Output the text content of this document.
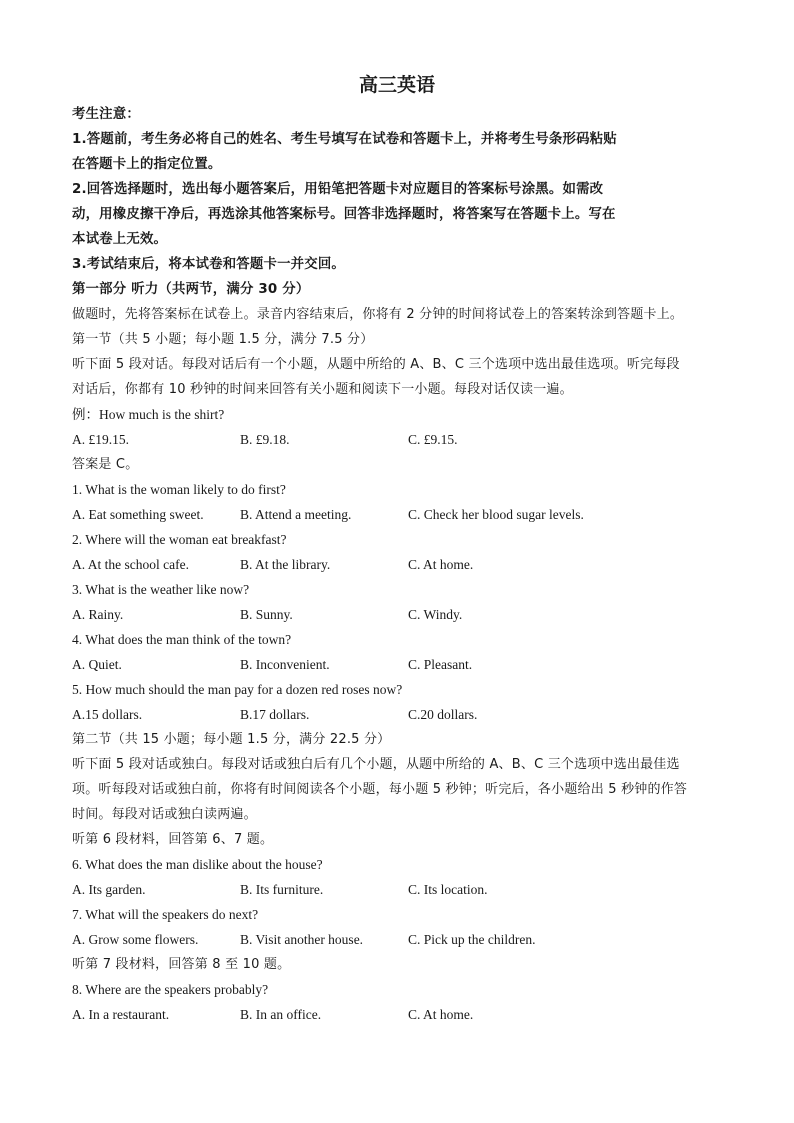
高三英语
考生注意：
1.答题前，考生务必将自己的姓名、考生号填写在试卷和答题卡上，并将考生号条形码粘贴
在答题卡上的指定位置。
2.回答选择题时，选出每小题答案后，用铅笔把答题卡对应题目的答案标号涂黑。如需改
动，用橡皮擦干净后，再选涂其他答案标号。回答非选择题时，将答案写在答题卡上。写在
本试卷上无效。
3.考试结束后，将本试卷和答题卡一并交回。
第一部分 听力（共两节，满分 30 分）
做题时，先将答案标在试卷上。录音内容结束后，你将有 2 分钟的时间将试卷上的答案转涂到答题卡上。
第一节（共 5 小题；每小题 1.5 分，满分 7.5 分）
听下面 5 段对话。每段对话后有一个小题，从题中所给的 A、B、C 三个选项中选出最佳选项。听完每段
对话后，你都有 10 秒钟的时间来回答有关小题和阅读下一小题。每段对话仅读一遍。
例：How much is the shirt?
A. £19.15.	B. £9.18.	C. £9.15.
答案是 C。
1. What is the woman likely to do first?
A. Eat something sweet.	B. Attend a meeting.	C. Check her blood sugar levels.
2. Where will the woman eat breakfast?
A. At the school cafe.	B. At the library.	C. At home.
3. What is the weather like now?
A. Rainy.	B. Sunny.	C. Windy.
4. What does the man think of the town?
A. Quiet.	B. Inconvenient.	C. Pleasant.
5. How much should the man pay for a dozen red roses now?
A.15 dollars.	B.17 dollars.	C.20 dollars.
第二节（共 15 小题；每小题 1.5 分，满分 22.5 分）
听下面 5 段对话或独白。每段对话或独白后有几个小题，从题中所给的 A、B、C 三个选项中选出最佳选
项。听每段对话或独白前，你将有时间阅读各个小题，每小题 5 秒钟；听完后，各小题给出 5 秒钟的作答
时间。每段对话或独白读两遍。
听第 6 段材料，回答第 6、7 题。
6. What does the man dislike about the house?
A. Its garden.	B. Its furniture.	C. Its location.
7. What will the speakers do next?
A. Grow some flowers.	B. Visit another house.	C. Pick up the children.
听第 7 段材料，回答第 8 至 10 题。
8. Where are the speakers probably?
A. In a restaurant.	B. In an office.	C. At home.
